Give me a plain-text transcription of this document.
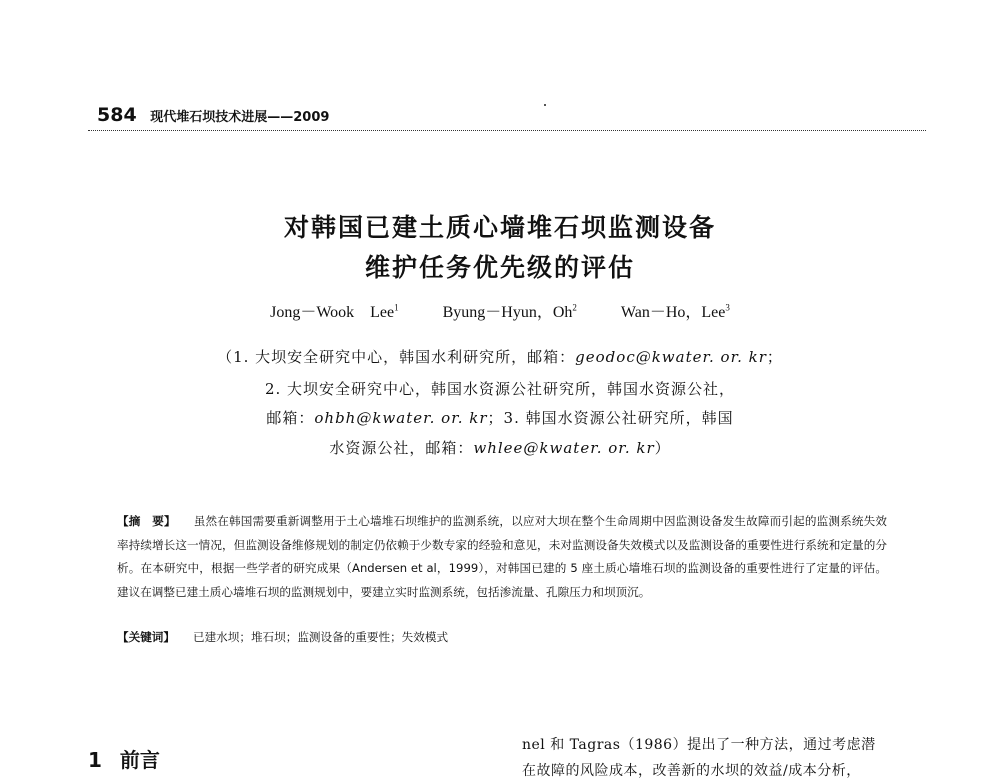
584 现代堆石坝技术进展——2009
对韩国已建土质心墙堆石坝监测设备
维护任务优先级的评估
Jong－Wook　Lee$^1$	Byung－Hyun，Oh$^2$	Wan－Ho，Lee$^3$
（1. 大坝安全研究中心，韩国水利研究所，邮箱：geodoc@kwater. or. kr；
2. 大坝安全研究中心，韩国水资源公社研究所，韩国水资源公社，
邮箱：ohbh@kwater. or. kr；3. 韩国水资源公社研究所，韩国
水资源公社，邮箱：whlee@kwater. or. kr）
【摘　要】 虽然在韩国需要重新调整用于土心墙堆石坝维护的监测系统，以应对大坝在整个生命周期中因监测设备发生故障而引起的监测系统失效率持续增长这一情况，但监测设备维修规划的制定仍依赖于少数专家的经验和意见，未对监测设备失效模式以及监测设备的重要性进行系统和定量的分析。在本研究中，根据一些学者的研究成果（Andersen et al，1999），对韩国已建的 5 座土质心墙堆石坝的监测设备的重要性进行了定量的评估。建议在调整已建土质心墙堆石坝的监测规划中，要建立实时监测系统，包括渗流量、孔隙压力和坝顶沉。
【关键词】 已建水坝；堆石坝；监测设备的重要性；失效模式
1 前言
nel 和 Tagras（1986）提出了一种方法，通过考虑潜
在故障的风险成本，改善新的水坝的效益/成本分析，
